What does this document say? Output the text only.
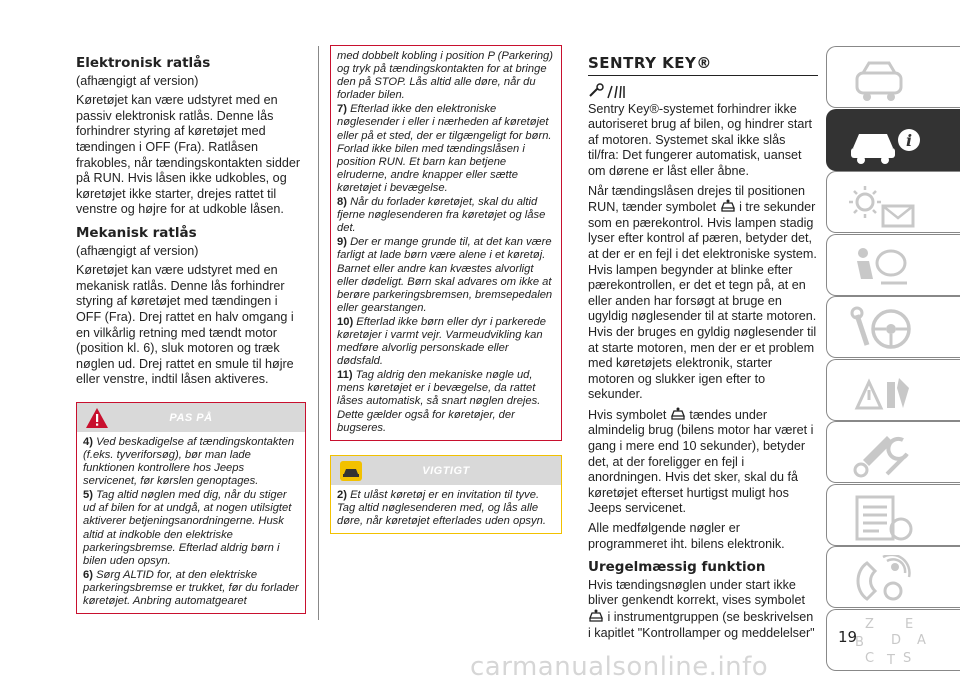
Elektronisk ratlås

(afhængigt af version)

Køretøjet kan være udstyret med en passiv elektronisk ratlås. Denne lås forhindrer styring af køretøjet med tændingen i OFF (Fra). Ratlåsen frakobles, når tændingskontakten sidder på RUN. Hvis låsen ikke udkobles, og køretøjet ikke starter, drejes rattet til venstre og højre for at udkoble låsen.

Mekanisk ratlås

(afhængigt af version)

Køretøjet kan være udstyret med en mekanisk ratlås. Denne lås forhindrer styring af køretøjet med tændingen i OFF (Fra). Drej rattet en halv omgang i en vilkårlig retning med tændt motor (position kl. 6), sluk motoren og træk nøglen ud. Drej rattet en smule til højre eller venstre, indtil låsen aktiveres.

PAS PÅ

4) Ved beskadigelse af tændingskontakten (f.eks. tyveriforsøg), bør man lade funktionen kontrollere hos Jeeps servicenet, før kørslen genoptages.

5) Tag altid nøglen med dig, når du stiger ud af bilen for at undgå, at nogen utilsigtet aktiverer betjeningsanordningerne. Husk altid at indkoble den elektriske parkeringsbremse. Efterlad aldrig børn i bilen uden opsyn.

6) Sørg ALTID for, at den elektriske parkeringsbremse er trukket, før du forlader køretøjet. Anbring automatgearet

med dobbelt kobling i position P (Parkering) og tryk på tændingskontakten for at bringe den på STOP. Lås altid alle døre, når du forlader bilen.

7) Efterlad ikke den elektroniske nøglesender i eller i nærheden af køretøjet eller på et sted, der er tilgængeligt for børn. Forlad ikke bilen med tændingslåsen i position RUN. Et barn kan betjene elruderne, andre knapper eller sætte køretøjet i bevægelse.

8) Når du forlader køretøjet, skal du altid fjerne nøglesenderen fra køretøjet og låse det.

9) Der er mange grunde til, at det kan være farligt at lade børn være alene i et køretøj. Barnet eller andre kan kvæstes alvorligt eller dødeligt. Børn skal advares om ikke at berøre parkeringsbremsen, bremsepedalen eller gearstangen.

10) Efterlad ikke børn eller dyr i parkerede køretøjer i varmt vejr. Varmeudvikling kan medføre alvorlig personskade eller dødsfald.

11) Tag aldrig den mekaniske nøgle ud, mens køretøjet er i bevægelse, da rattet låses automatisk, så snart nøglen drejes. Dette gælder også for køretøjer, der bugseres.

VIGTIGT

2) Et ulåst køretøj er en invitation til tyve. Tag altid nøglesenderen med, og lås alle døre, når køretøjet efterlades uden opsyn.

SENTRY KEY®

Sentry Key®-systemet forhindrer ikke autoriseret brug af bilen, og hindrer start af motoren. Systemet skal ikke slås til/fra: Det fungerer automatisk, uanset om dørene er låst eller åbne.

Når tændingslåsen drejes til positionen RUN, tænder symbolet i tre sekunder som en pærekontrol. Hvis lampen stadig lyser efter kontrol af pæren, betyder det, at der er en fejl i det elektroniske system. Hvis lampen begynder at blinke efter pærekontrollen, er det et tegn på, at en eller anden har forsøgt at bruge en ugyldig nøglesender til at starte motoren. Hvis der bruges en gyldig nøglesender til at starte motoren, men der er et problem med køretøjets elektronik, starter motoren og slukker igen efter to sekunder.

Hvis symbolet tændes under almindelig brug (bilens motor har været i gang i mere end 10 sekunder), betyder det, at der foreligger en fejl i anordningen. Hvis det sker, skal du få køretøjet efterset hurtigst muligt hos Jeeps servicenet.

Alle medfølgende nøgler er programmeret iht. bilens elektronik.

Uregelmæssig funktion

Hvis tændingsnøglen under start ikke bliver genkendt korrekt, vises symbolet  i instrumentgruppen (se beskrivelsen i kapitlet "Kontrollamper og meddelelser"

i
Z E
B D A
C T S
19
carmanualsonline.info
